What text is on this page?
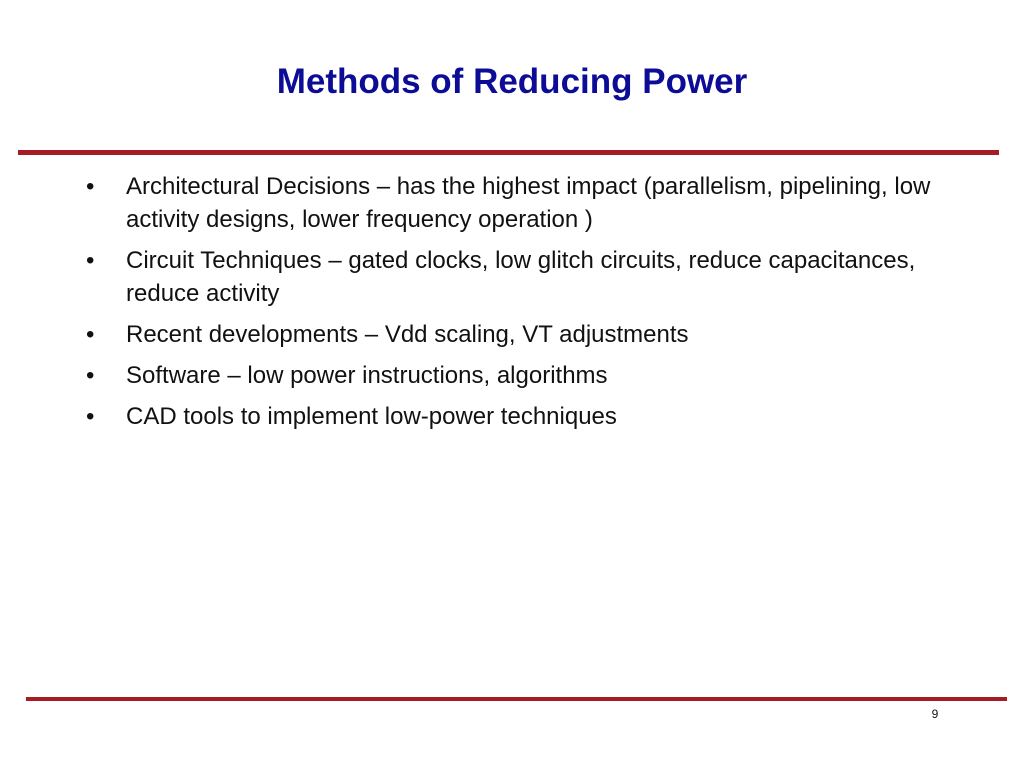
Methods of Reducing Power
•	Architectural Decisions – has the highest impact (parallelism, pipelining, low activity designs, lower frequency operation )
•	Circuit Techniques – gated clocks, low glitch circuits, reduce capacitances, reduce activity
•	Recent developments – Vdd scaling, VT adjustments
•	Software – low power instructions, algorithms
•	CAD tools to implement low-power techniques
9
